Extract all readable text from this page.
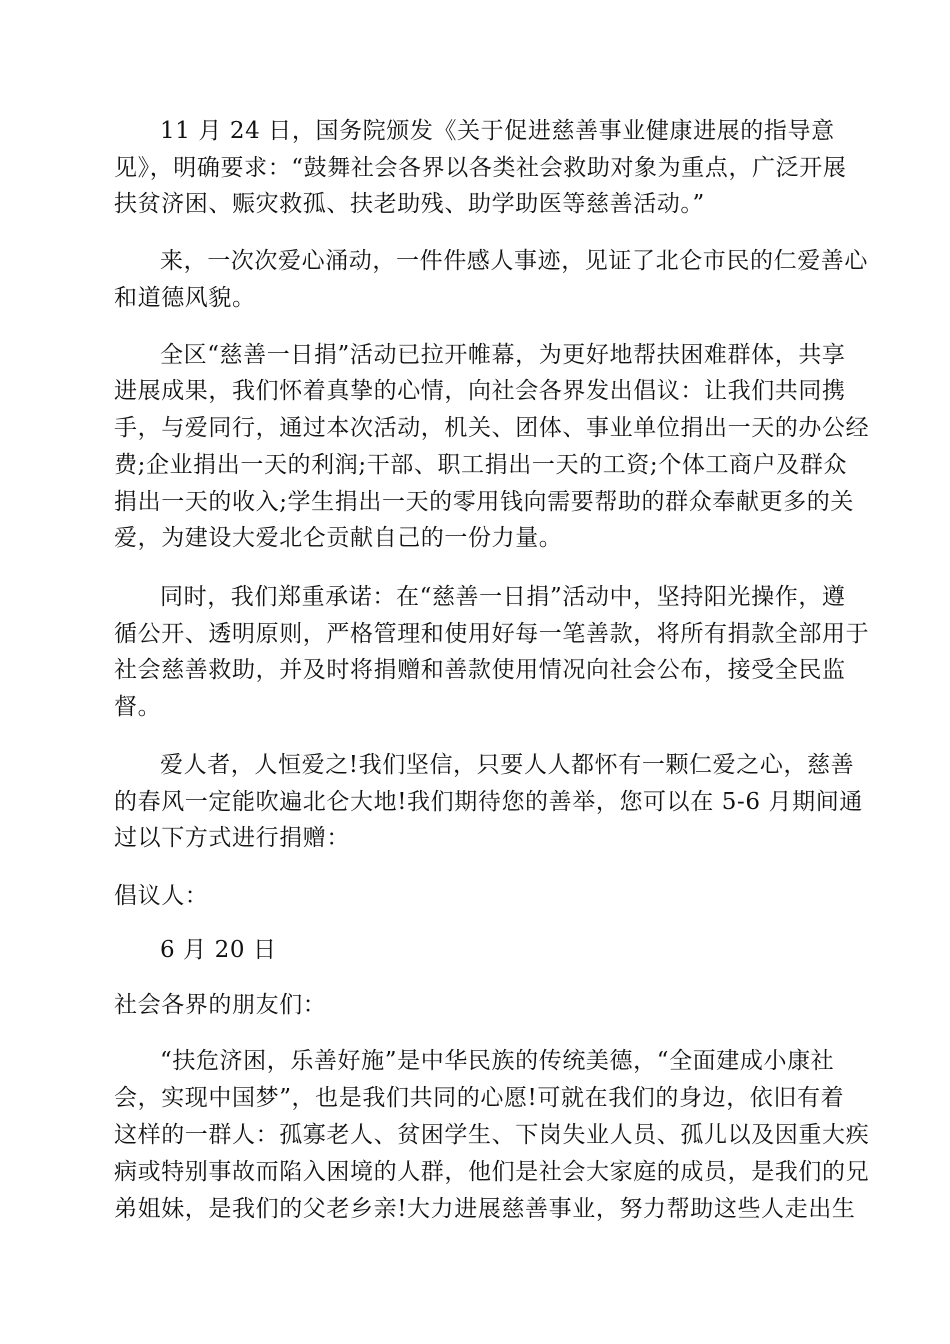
11 月 24 日，国务院颁发《关于促进慈善事业健康进展的指导意
见》，明确要求：“鼓舞社会各界以各类社会救助对象为重点，广泛开展
扶贫济困、赈灾救孤、扶老助残、助学助医等慈善活动。”
来，一次次爱心涌动，一件件感人事迹，见证了北仑市民的仁爱善心
和道德风貌。
全区“慈善一日捐”活动已拉开帷幕，为更好地帮扶困难群体，共享
进展成果，我们怀着真挚的心情，向社会各界发出倡议：让我们共同携
手，与爱同行，通过本次活动，机关、团体、事业单位捐出一天的办公经
费;企业捐出一天的利润;干部、职工捐出一天的工资;个体工商户及群众
捐出一天的收入;学生捐出一天的零用钱向需要帮助的群众奉献更多的关
爱，为建设大爱北仑贡献自己的一份力量。
同时，我们郑重承诺：在“慈善一日捐”活动中，坚持阳光操作，遵
循公开、透明原则，严格管理和使用好每一笔善款，将所有捐款全部用于
社会慈善救助，并及时将捐赠和善款使用情况向社会公布，接受全民监
督。
爱人者，人恒爱之!我们坚信，只要人人都怀有一颗仁爱之心，慈善
的春风一定能吹遍北仑大地!我们期待您的善举，您可以在 5-6 月期间通
过以下方式进行捐赠：
倡议人：
6 月 20 日
社会各界的朋友们：
“扶危济困，乐善好施”是中华民族的传统美德，“全面建成小康社
会，实现中国梦”，也是我们共同的心愿!可就在我们的身边，依旧有着
这样的一群人：孤寡老人、贫困学生、下岗失业人员、孤儿以及因重大疾
病或特别事故而陷入困境的人群，他们是社会大家庭的成员，是我们的兄
弟姐妹，是我们的父老乡亲!大力进展慈善事业，努力帮助这些人走出生
